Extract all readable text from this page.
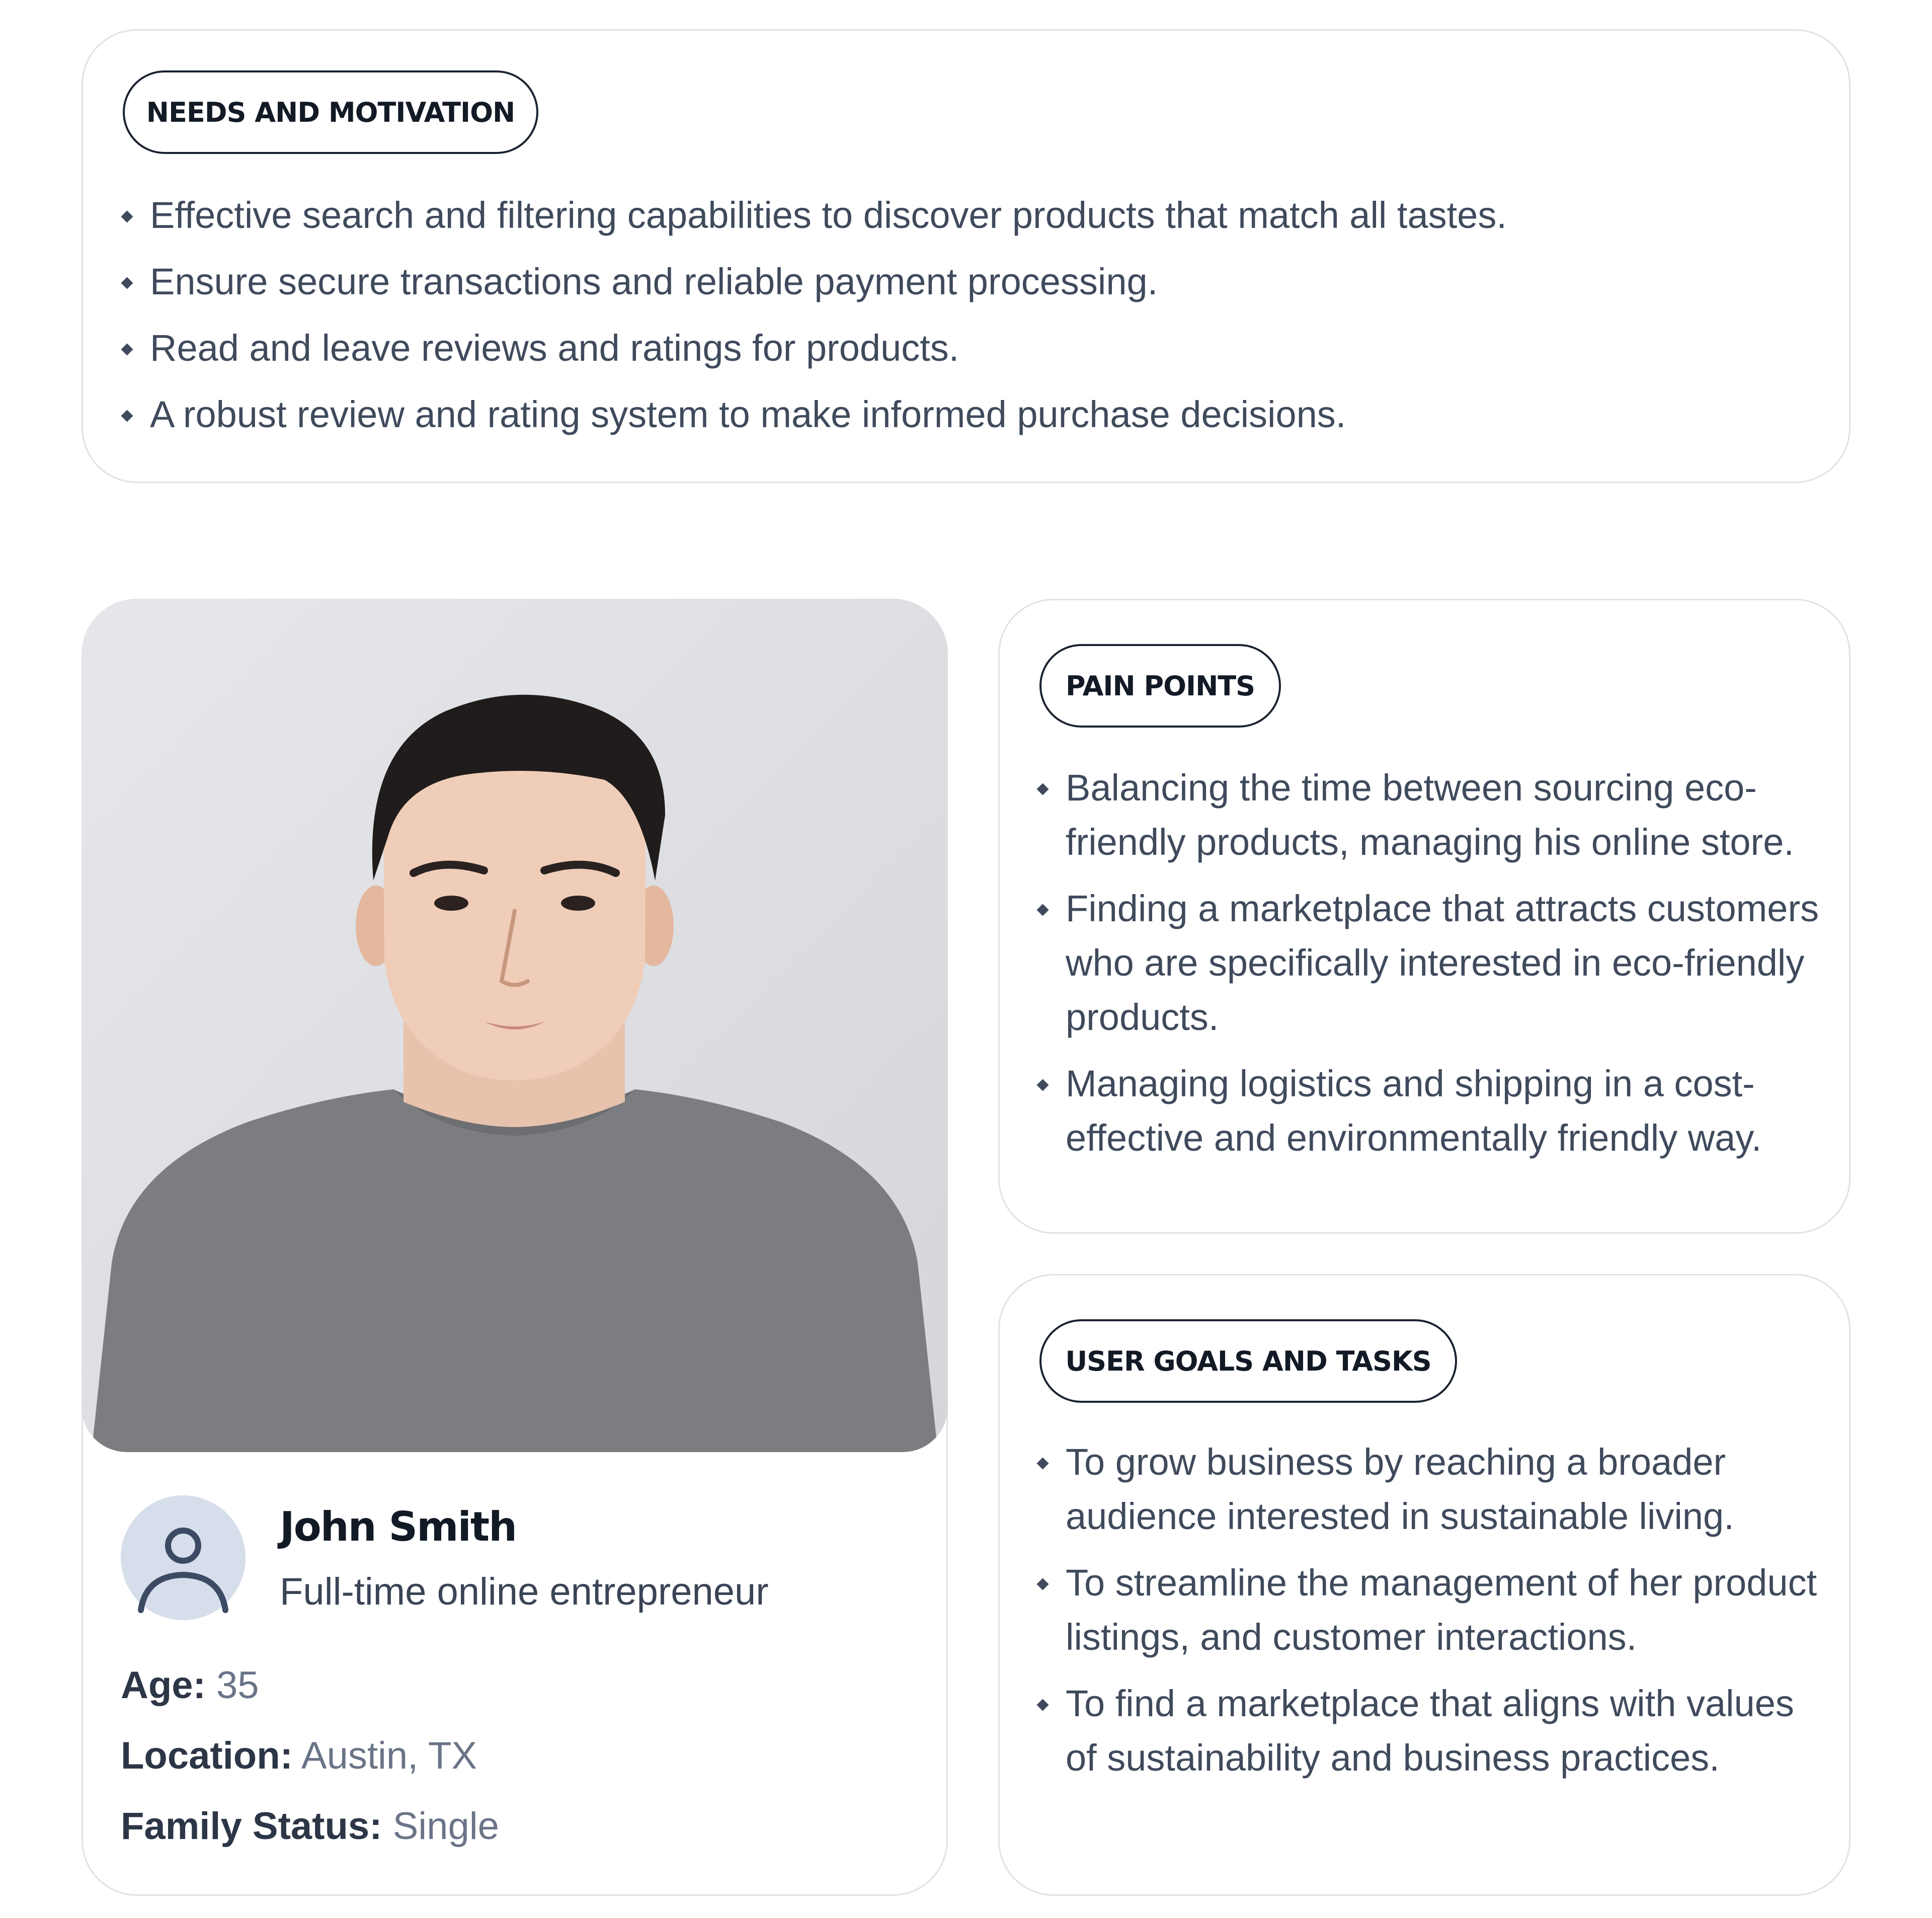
NEEDS AND MOTIVATION
Effective search and filtering capabilities to discover products that match all tastes.
Ensure secure transactions and reliable payment processing.
Read and leave reviews and ratings for products.
A robust review and rating system to make informed purchase decisions.
John Smith
Full-time online entrepreneur
Age: 35
Location: Austin, TX
Family Status: Single
PAIN POINTS
Balancing the time between sourcing eco-friendly products, managing his online store.
Finding a marketplace that attracts customers who are specifically interested in eco-friendly products.
Managing logistics and shipping in a cost-effective and environmentally friendly way.
USER GOALS AND TASKS
To grow business by reaching a broader audience interested in sustainable living.
To streamline the management of her product listings, and customer interactions.
To find a marketplace that aligns with values of sustainability and business practices.
